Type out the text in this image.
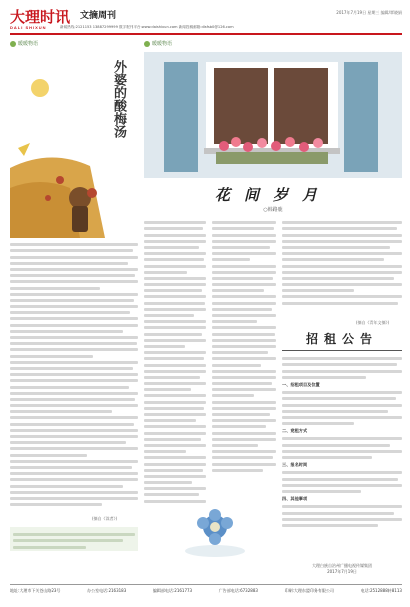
大理时讯
DALI SHIXUN
文摘周刊	2017年7月19日 星期三 编辑/覃晓娟
新闻热线:2121153 13887299999 数字报刊平台:www.daishixun.com 新闻投稿邮箱:dlsfsb0@126.com
暖暖物语
外婆的酸梅汤
(摘自《读者》)
暖暖物语
花间岁月
○韩路鹿
(摘自《青年文摘》)
招租公告
一、招租项目及位置
二、竞租方式
三、报名时间
四、其他事项
大理白族自治州广播电视传媒集团
2017年7月19日
地址:大理市下关苍山路23号	办公室电话:2163183	编辑部电话:2161773	广告部电话:6732883	印刷:大理东盟印务有限公司	电话:2512888转8113
